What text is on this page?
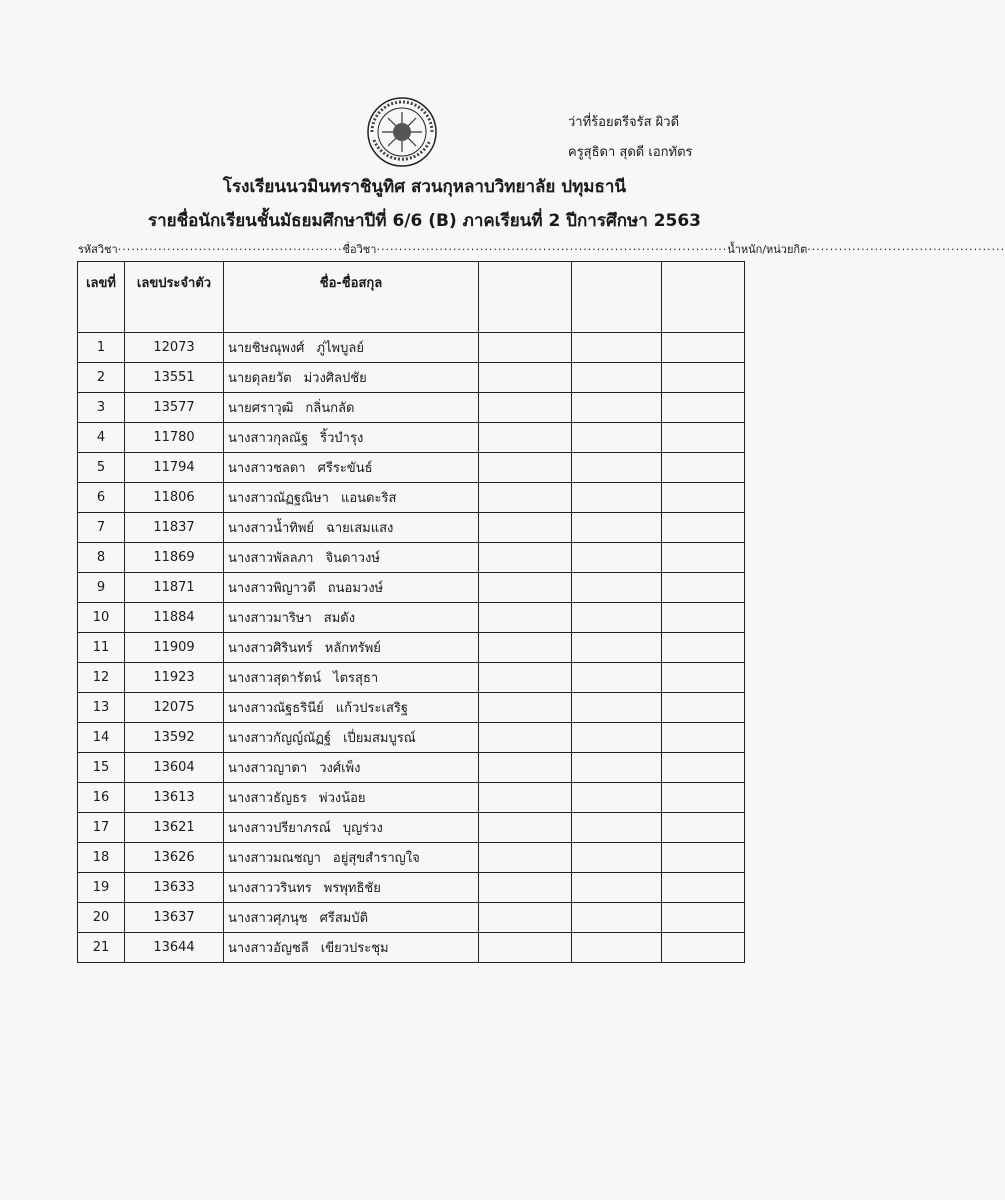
ว่าที่ร้อยตรีจรัส ผิวดี
ครูสุธิดา สุดดี เอกทัตร
โรงเรียนนวมินทราชินูทิศ สวนกุหลาบวิทยาลัย ปทุมธานี
รายชื่อนักเรียนชั้นมัธยมศึกษาปีที่ 6/6 (B) ภาคเรียนที่ 2 ปีการศึกษา 2563
รหัสวิชา .................................................. ชื่อวิชา .............................................................................. น้ำหนัก/หน่วยกิต ............................................
เลขที่	เลขประจำตัว	ชื่อ-ชื่อสกุล			
1	12073	นายชิษณุพงศ์ ภู่ไพบูลย์			
2	13551	นายดุลยวัต ม่วงศิลปชัย			
3	13577	นายศราวุฒิ กลิ่นกลัด			
4	11780	นางสาวกุลณัฐ ริ้วบำรุง			
5	11794	นางสาวชลดา ศรีระขันธ์			
6	11806	นางสาวณัฏฐณิษา แอนดะริส			
7	11837	นางสาวน้ำทิพย์ ฉายเสมแสง			
8	11869	นางสาวพัลลภา จินดาวงษ์			
9	11871	นางสาวพิญาวดี ถนอมวงษ์			
10	11884	นางสาวมาริษา สมดัง			
11	11909	นางสาวศิรินทร์ หลักทรัพย์			
12	11923	นางสาวสุดารัตน์ ไตรสุธา			
13	12075	นางสาวณัฐธรินีย์ แก้วประเสริฐ			
14	13592	นางสาวกัญญ์ณัฏฐ์ เปี่ยมสมบูรณ์			
15	13604	นางสาวญาดา วงศ์เพ็ง			
16	13613	นางสาวธัญธร พ่วงน้อย			
17	13621	นางสาวปรียาภรณ์ บุญร่วง			
18	13626	นางสาวมณชญา อยู่สุขสำราญใจ			
19	13633	นางสาววรินทร พรพุทธิชัย			
20	13637	นางสาวศุภนุช ศรีสมบัติ			
21	13644	นางสาวอัญชลี เขียวประชุม			
